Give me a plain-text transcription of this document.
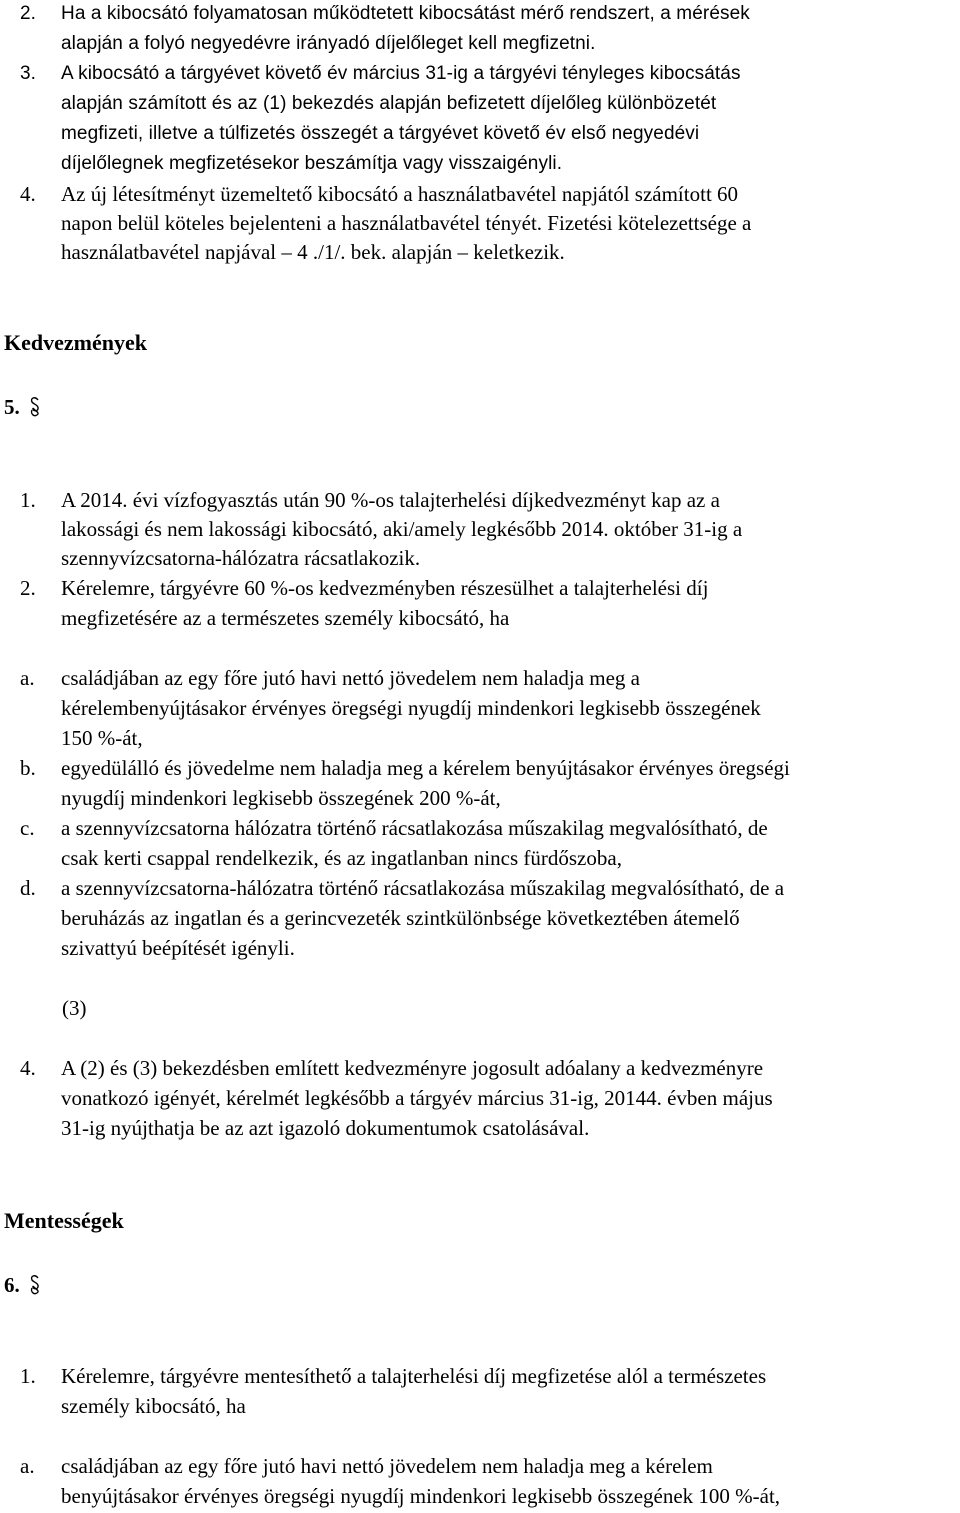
2. Ha a kibocsátó folyamatosan működtetett kibocsátást mérő rendszert, a mérések
alapján a folyó negyedévre irányadó díjelőleget kell megfizetni.
3. A kibocsátó a tárgyévet követő év március 31-ig a tárgyévi tényleges kibocsátás
alapján számított és az (1) bekezdés alapján befizetett díjelőleg különbözetét
megfizeti, illetve a túlfizetés összegét a tárgyévet követő év első negyedévi
díjelőlegnek megfizetésekor beszámítja vagy visszaigényli.
4. Az új létesítményt üzemeltető kibocsátó a használatbavétel napjától számított 60
napon belül köteles bejelenteni a használatbavétel tényét. Fizetési kötelezettsége a
használatbavétel napjával – 4 ./1/. bek. alapján – keletkezik.
Kedvezmények
5.
1. A 2014. évi vízfogyasztás után 90 %-os talajterhelési díjkedvezményt kap az a
lakossági és nem lakossági kibocsátó, aki/amely legkésőbb 2014. október 31-ig a
szennyvízcsatorna-hálózatra rácsatlakozik.
2. Kérelemre, tárgyévre 60 %-os kedvezményben részesülhet a talajterhelési díj
megfizetésére az a természetes személy kibocsátó, ha
a. családjában az egy főre jutó havi nettó jövedelem nem haladja meg a
kérelembenyújtásakor érvényes öregségi nyugdíj mindenkori legkisebb összegének
150 %-át,
b. egyedülálló és jövedelme nem haladja meg a kérelem benyújtásakor érvényes öregségi
nyugdíj mindenkori legkisebb összegének 200 %-át,
c. a szennyvízcsatorna hálózatra történő rácsatlakozása műszakilag megvalósítható, de
csak kerti csappal rendelkezik, és az ingatlanban nincs fürdőszoba,
d. a szennyvízcsatorna-hálózatra történő rácsatlakozása műszakilag megvalósítható, de a
beruházás az ingatlan és a gerincvezeték szintkülönbsége következtében átemelő
szivattyú beépítését igényli.
(3)
4. A (2) és (3) bekezdésben említett kedvezményre jogosult adóalany a kedvezményre
vonatkozó igényét, kérelmét legkésőbb a tárgyév március 31-ig, 20144. évben május
31-ig nyújthatja be az azt igazoló dokumentumok csatolásával.
Mentességek
6.
1. Kérelemre, tárgyévre mentesíthető a talajterhelési díj megfizetése alól a természetes
személy kibocsátó, ha
a. családjában az egy főre jutó havi nettó jövedelem nem haladja meg a kérelem
benyújtásakor érvényes öregségi nyugdíj mindenkori legkisebb összegének 100 %-át,
